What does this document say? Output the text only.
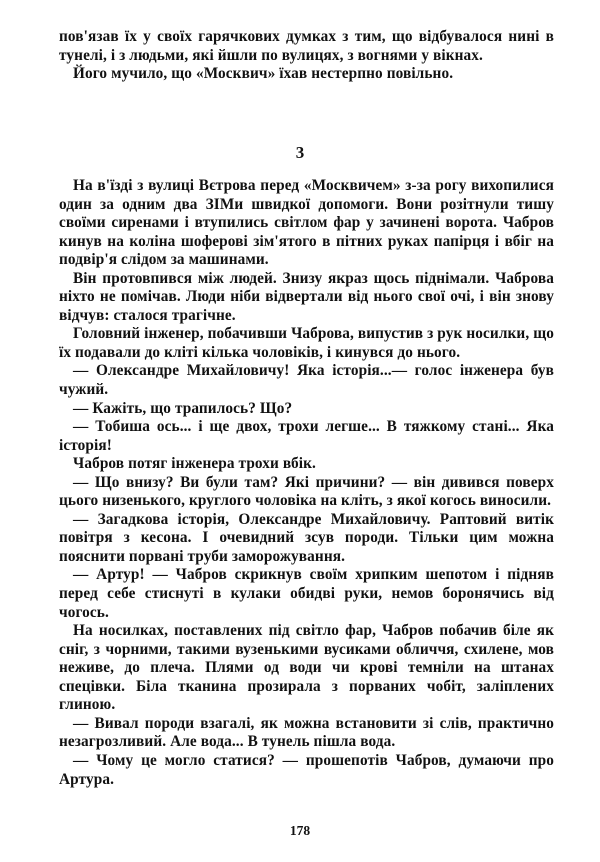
пов'язав їх у своїх гарячкових думках з тим, що відбувалося нині в тунелі, і з людьми, які йшли по вулицях, з вогнями у вікнах.

Його мучило, що «Москвич» їхав нестерпно повільно.

3

На в'їзді з вулиці Вєтрова перед «Москвичем» з-за рогу вихопилися один за одним два ЗІМи швидкої допомоги. Вони розітнули тишу своїми сиренами і втупились світлом фар у зачинені ворота. Чабров кинув на коліна шоферові зім'ятого в пітних руках папірця і вбіг на подвір'я слідом за машинами.

Він протовпився між людей. Знизу якраз щось піднімали. Чаброва ніхто не помічав. Люди ніби відвертали від нього свої очі, і він знову відчув: сталося трагічне.

Головний інженер, побачивши Чаброва, випустив з рук носилки, що їх подавали до кліті кілька чоловіків, і кинувся до нього.

— Олександре Михайловичу! Яка історія...— голос інженера був чужий.

— Кажіть, що трапилось? Що?

— Тобиша ось... і ще двох, трохи легше... В тяжкому стані... Яка історія!

Чабров потяг інженера трохи вбік.

— Що внизу? Ви були там? Які причини? — він дивився поверх цього низенького, круглого чоловіка на кліть, з якої когось виносили.

— Загадкова історія, Олександре Михайловичу. Раптовий витік повітря з кесона. І очевидний зсув породи. Тільки цим можна пояснити порвані труби заморожування.

— Артур! — Чабров скрикнув своїм хрипким шепотом і підняв перед себе стиснуті в кулаки обидві руки, немов боронячись від чогось.

На носилках, поставлених під світло фар, Чабров побачив біле як сніг, з чорними, такими вузенькими вусиками обличчя, схилене, мов неживе, до плеча. Плями од води чи крові темніли на штанах спецівки. Біла тканина прозирала з порваних чобіт, заліплених глиною.

— Вивал породи взагалі, як можна встановити зі слів, практично незагрозливий. Але вода... В тунель пішла вода.

— Чому це могло статися? — прошепотів Чабров, думаючи про Артура.

178
